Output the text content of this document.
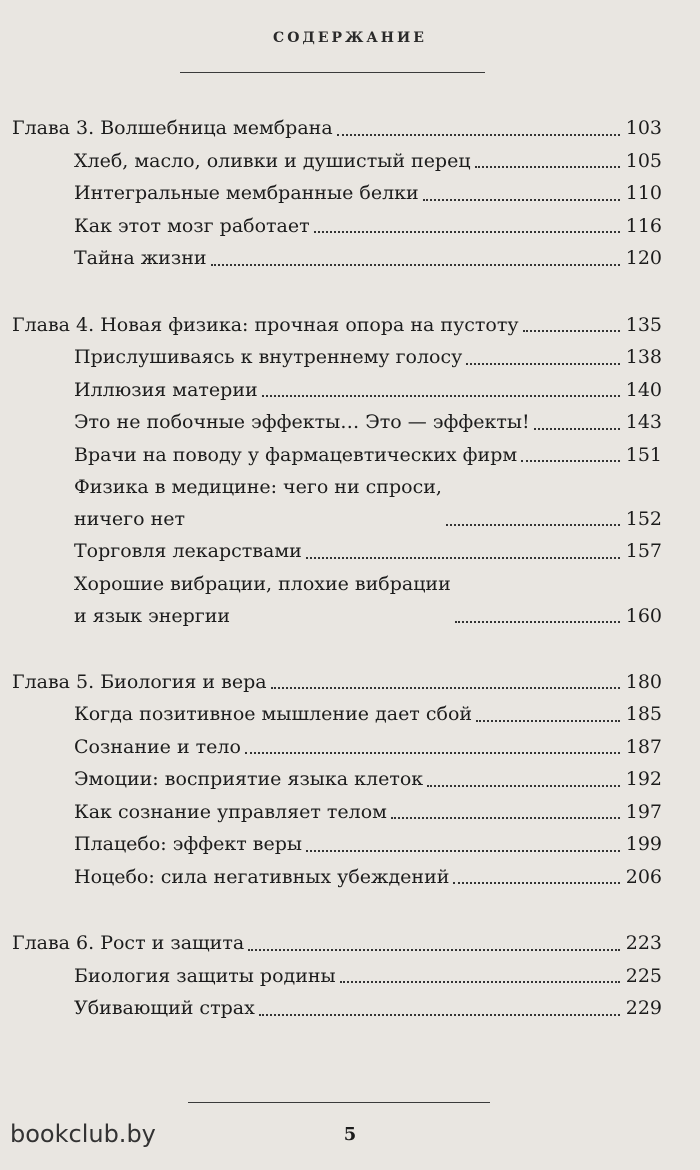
СОДЕРЖАНИЕ
Глава 3. Волшебница мембрана	103
Хлеб, масло, оливки и душистый перец	105
Интегральные мембранные белки	110
Как этот мозг работает	116
Тайна жизни	120
Глава 4. Новая физика: прочная опора на пустоту	135
Прислушиваясь к внутреннему голосу	138
Иллюзия материи	140
Это не побочные эффекты… Это — эффекты!	143
Врачи на поводу у фармацевтических фирм	151
Физика в медицине: чего ни спроси,
ничего нет	152
Торговля лекарствами	157
Хорошие вибрации, плохие вибрации
и язык энергии	160
Глава 5. Биология и вера	180
Когда позитивное мышление дает сбой	185
Сознание и тело	187
Эмоции: восприятие языка клеток	192
Как сознание управляет телом	197
Плацебо: эффект веры	199
Ноцебо: сила негативных убеждений	206
Глава 6. Рост и защита	223
Биология защиты родины	225
Убивающий страх	229
5
bookclub.by
